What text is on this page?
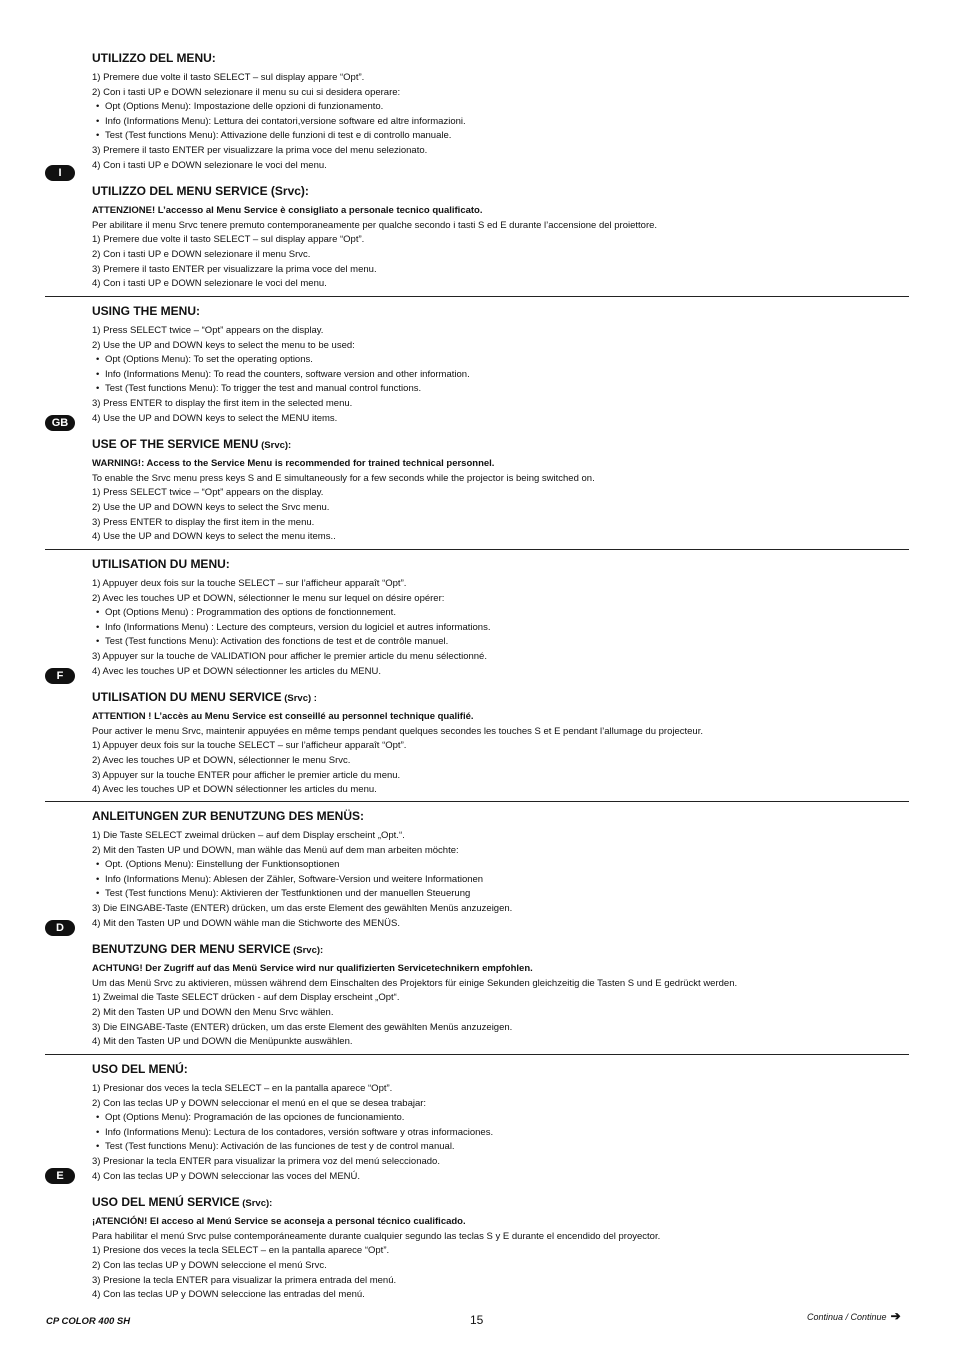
I

UTILIZZO DEL MENU:

1) Premere due volte il tasto SELECT – sul display appare “Opt”.

2) Con i tasti UP e DOWN selezionare il menu su cui si desidera operare:

• Opt (Options Menu): Impostazione delle opzioni di funzionamento.

• Info (Informations Menu): Lettura dei contatori,versione software ed altre informazioni.

• Test (Test functions Menu): Attivazione delle funzioni di test e di controllo manuale.

3) Premere il tasto ENTER per visualizzare la prima voce del menu selezionato.

4) Con i tasti UP e DOWN selezionare le voci del menu.

UTILIZZO DEL MENU SERVICE (Srvc):

ATTENZIONE! L’accesso al Menu Service è consigliato a personale tecnico qualificato.

Per abilitare il menu Srvc tenere premuto contemporaneamente per qualche secondo i tasti S ed E durante l’accensione del proiettore.

1) Premere due volte il tasto SELECT – sul display appare “Opt”.

2) Con i tasti UP e DOWN selezionare il menu Srvc.

3) Premere il tasto ENTER per visualizzare la prima voce del menu.

4) Con i tasti UP e DOWN selezionare le voci del menu.

GB

USING THE MENU:

1) Press SELECT twice – “Opt” appears on the display.

2) Use the UP and DOWN keys to select the menu to be used:

• Opt (Options Menu): To set the operating options.

• Info (Informations Menu): To read the counters, software version and other information.

• Test (Test functions Menu): To trigger the test and manual control functions.

3) Press ENTER to display the first item in the selected menu.

4) Use the UP and DOWN keys to select the MENU items.

USE OF THE SERVICE MENU (Srvc):

WARNING!: Access to the Service Menu is recommended for trained technical personnel.

To enable the Srvc menu press keys S and E simultaneously for a few seconds while the projector is being switched on.

1) Press SELECT twice – “Opt” appears on the display.

2) Use the UP and DOWN keys to select the Srvc menu.

3) Press ENTER to display the first item in the menu.

4) Use the UP and DOWN keys to select the menu items..

F

UTILISATION DU MENU:

1) Appuyer deux fois sur la touche SELECT – sur l’afficheur apparaît “Opt”.

2) Avec les touches UP et DOWN, sélectionner le menu sur lequel on désire opérer:

• Opt (Options Menu) : Programmation des options de fonctionnement.

• Info (Informations Menu) : Lecture des compteurs, version du logiciel et autres informations.

• Test (Test functions Menu): Activation des fonctions de test et de contrôle manuel.

3) Appuyer sur la touche de VALIDATION pour afficher le premier article du menu sélectionné.

4) Avec les touches UP et DOWN sélectionner les articles du MENU.

UTILISATION DU MENU SERVICE (Srvc) :

ATTENTION ! L’accès au Menu Service est conseillé au personnel technique qualifié.

Pour activer le menu Srvc, maintenir appuyées en même temps pendant quelques secondes les touches S et E pendant l’allumage du projecteur.

1) Appuyer deux fois sur la touche SELECT – sur l’afficheur apparaît “Opt”.

2) Avec les touches UP et DOWN, sélectionner le menu Srvc.

3) Appuyer sur la touche ENTER pour afficher le premier article du menu.

4) Avec les touches UP et DOWN sélectionner les articles du menu.

D

ANLEITUNGEN ZUR BENUTZUNG DES MENÜS:

1) Die Taste SELECT zweimal drücken – auf dem Display erscheint „Opt.“.

2) Mit den Tasten UP und DOWN, man wähle das Menü auf dem man arbeiten möchte:

• Opt. (Options Menu): Einstellung der Funktionsoptionen

• Info (Informations Menu): Ablesen der Zähler, Software-Version und weitere Informationen

• Test (Test functions Menu): Aktivieren der Testfunktionen und der manuellen Steuerung

3) Die EINGABE-Taste (ENTER) drücken, um das erste Element des gewählten Menüs anzuzeigen.

4) Mit den Tasten UP und DOWN wähle man die Stichworte des MENÜS.

BENUTZUNG DER MENU SERVICE (Srvc):

ACHTUNG! Der Zugriff auf das Menü Service wird nur qualifizierten Servicetechnikern empfohlen.

Um das Menü Srvc zu aktivieren, müssen während dem Einschalten des Projektors für einige Sekunden gleichzeitig die Tasten S und E gedrückt werden.

1) Zweimal die Taste SELECT drücken - auf dem Display erscheint „Opt“.

2) Mit den Tasten UP und DOWN den Menu Srvc wählen.

3) Die EINGABE-Taste (ENTER) drücken, um das erste Element des gewählten Menüs anzuzeigen.

4) Mit den Tasten UP und DOWN die Menüpunkte auswählen.

E

USO DEL MENÚ:

1) Presionar dos veces la tecla SELECT – en la pantalla aparece “Opt”.

2) Con las teclas UP y DOWN seleccionar el menú en el que se desea trabajar:

• Opt (Options Menu): Programación de las opciones de funcionamiento.

• Info (Informations Menu): Lectura de los contadores, versión software y otras informaciones.

• Test (Test functions Menu): Activación de las funciones de test y de control manual.

3) Presionar la tecla ENTER para visualizar la primera voz del menú seleccionado.

4) Con las teclas UP y DOWN seleccionar las voces del MENÚ.

USO DEL MENÚ SERVICE (Srvc):

¡ATENCIÓN! El acceso al Menú Service se aconseja a personal técnico cualificado.

Para habilitar el menú Srvc pulse contemporáneamente durante cualquier segundo las teclas S y E durante el encendido del proyector.

1) Presione dos veces la tecla SELECT – en la pantalla aparece “Opt”.

2) Con las teclas UP y DOWN seleccione el menú Srvc.

3) Presione la tecla ENTER para visualizar la primera entrada del menú.

4) Con las teclas UP y DOWN seleccione las entradas del menú.

CP COLOR 400 SH	15	Continua / Continue ➔
